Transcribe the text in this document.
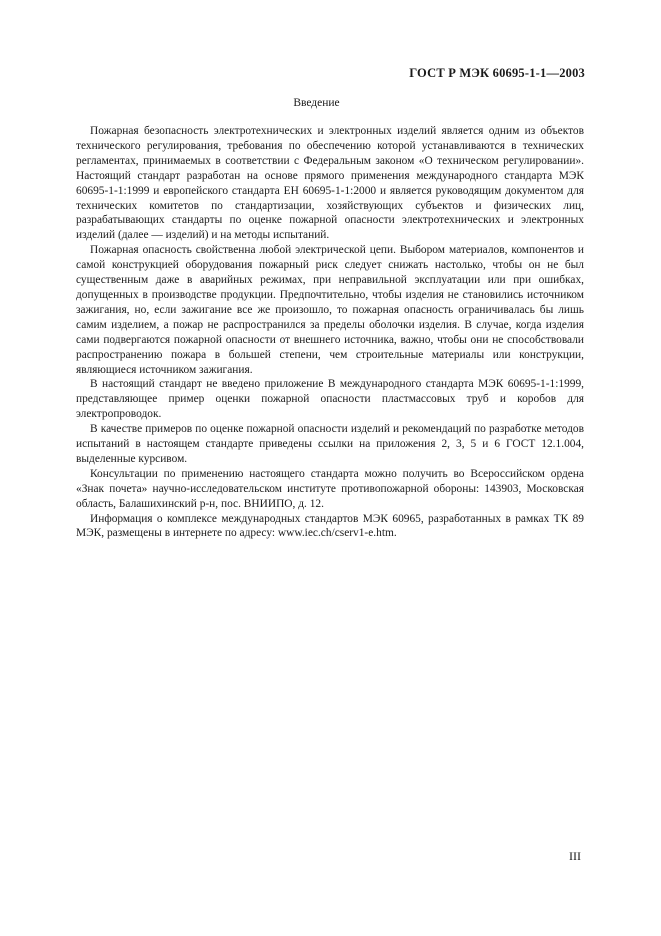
ГОСТ Р МЭК 60695-1-1—2003
Введение

Пожарная безопасность электротехнических и электронных изделий является одним из объектов технического регулирования, требования по обеспечению которой устанавливаются в технических регламентах, принимаемых в соответствии с Федеральным законом «О техническом регулировании». Настоящий стандарт разработан на основе прямого применения международного стандарта МЭК 60695-1-1:1999 и европейского стандарта ЕН 60695-1-1:2000 и является руководящим документом для технических комитетов по стандартизации, хозяйствующих субъектов и физических лиц, разрабатывающих стандарты по оценке пожарной опасности электротехнических и электронных изделий (далее — изделий) и на методы испытаний.

Пожарная опасность свойственна любой электрической цепи. Выбором материалов, компонентов и самой конструкцией оборудования пожарный риск следует снижать настолько, чтобы он не был существенным даже в аварийных режимах, при неправильной эксплуатации или при ошибках, допущенных в производстве продукции. Предпочтительно, чтобы изделия не становились источником зажигания, но, если зажигание все же произошло, то пожарная опасность ограничивалась бы лишь самим изделием, а пожар не распространился за пределы оболочки изделия. В случае, когда изделия сами подвергаются пожарной опасности от внешнего источника, важно, чтобы они не способствовали распространению пожара в большей степени, чем строительные материалы или конструкции, являющиеся источником зажигания.

В настоящий стандарт не введено приложение В международного стандарта МЭК 60695-1-1:1999, представляющее пример оценки пожарной опасности пластмассовых труб и коробов для электропроводок.

В качестве примеров по оценке пожарной опасности изделий и рекомендаций по разработке методов испытаний в настоящем стандарте приведены ссылки на приложения 2, 3, 5 и 6 ГОСТ 12.1.004, выделенные курсивом.

Консультации по применению настоящего стандарта можно получить во Всероссийском ордена «Знак почета» научно-исследовательском институте противопожарной обороны: 143903, Московская область, Балашихинский р-н, пос. ВНИИПО, д. 12.

Информация о комплексе международных стандартов МЭК 60965, разработанных в рамках ТК 89 МЭК, размещены в интернете по адресу: www.iec.ch/cserv1-e.htm.

III
